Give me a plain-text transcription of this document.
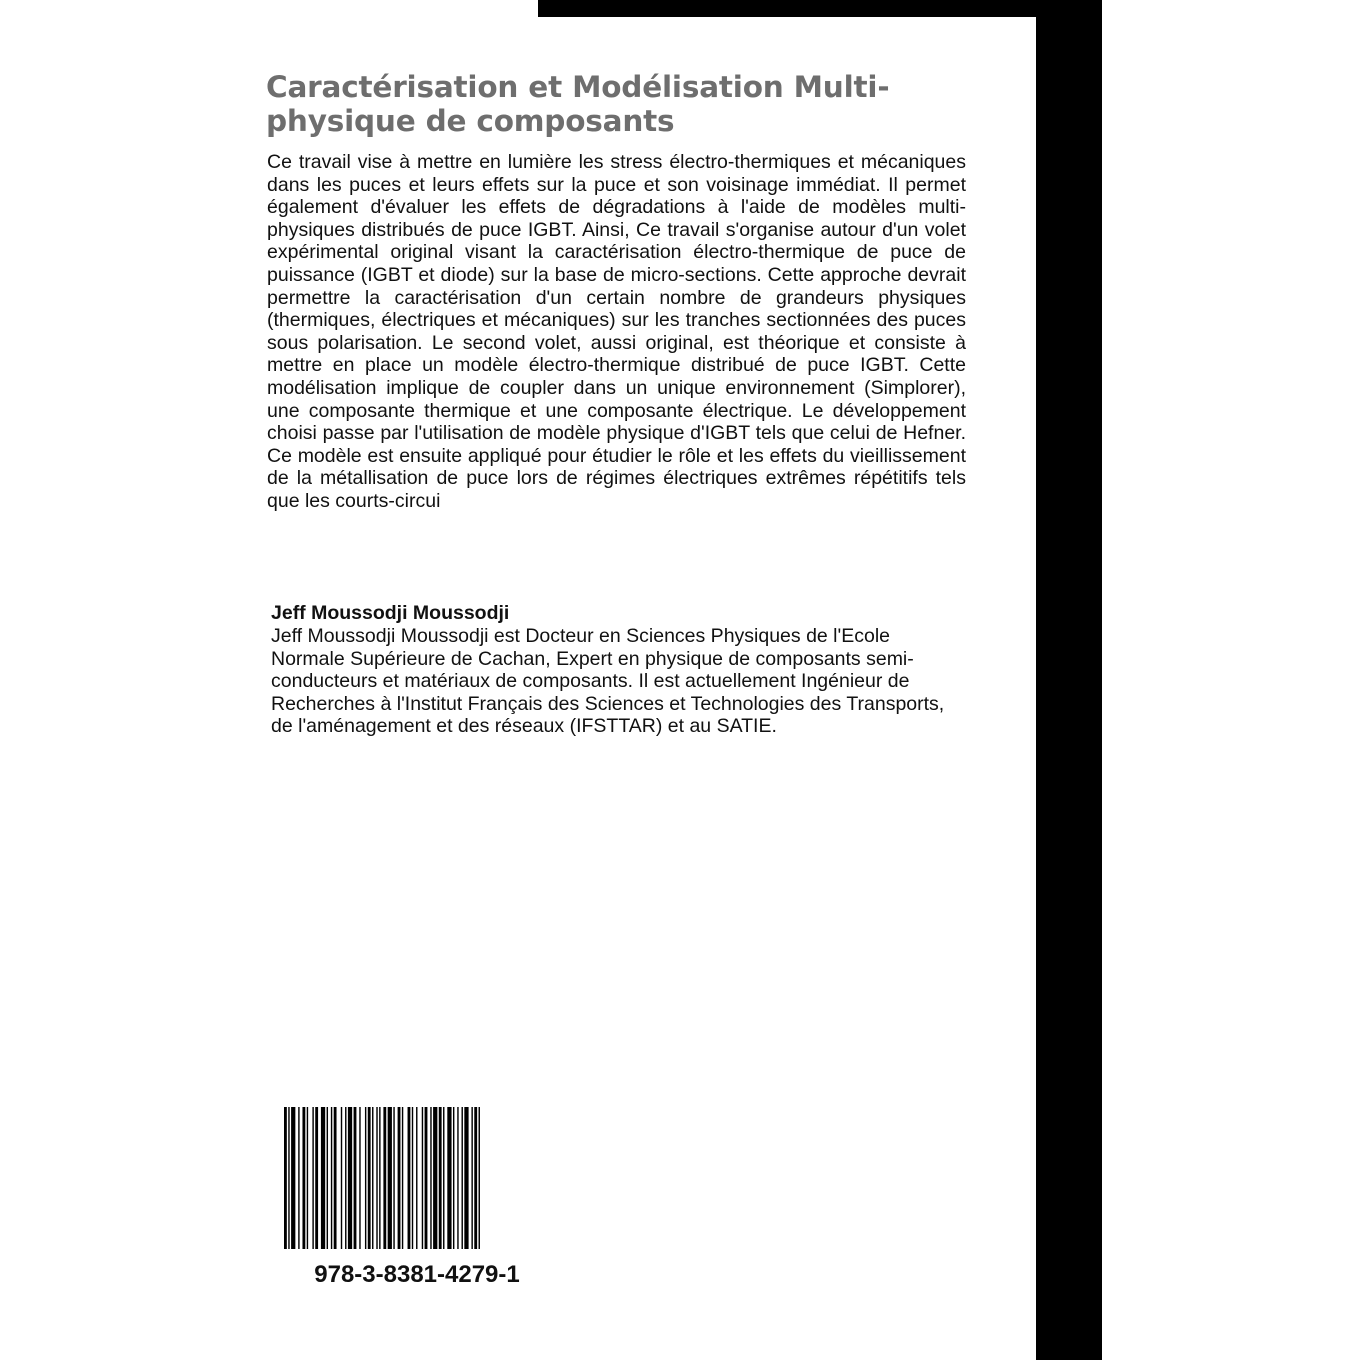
Caractérisation et Modélisation Multi-physique de composants

Ce travail vise à mettre en lumière les stress électro-thermiques et mécaniques dans les puces et leurs effets sur la puce et son voisinage immédiat. Il permet également d'évaluer les effets de dégradations à l'aide de modèles multi-physiques distribués de puce IGBT. Ainsi, Ce travail s'organise autour d'un volet expérimental original visant la caractérisation électro-thermique de puce de puissance (IGBT et diode) sur la base de micro-sections. Cette approche devrait permettre la caractérisation d'un certain nombre de grandeurs physiques (thermiques, électriques et mécaniques) sur les tranches sectionnées des puces sous polarisation. Le second volet, aussi original, est théorique et consiste à mettre en place un modèle électro-thermique distribué de puce IGBT. Cette modélisation implique de coupler dans un unique environnement (Simplorer), une composante thermique et une composante électrique. Le développement choisi passe par l'utilisation de modèle physique d'IGBT tels que celui de Hefner. Ce modèle est ensuite appliqué pour étudier le rôle et les effets du vieillissement de la métallisation de puce lors de régimes électriques extrêmes répétitifs tels que les courts-circui

Jeff Moussodji Moussodji

Jeff Moussodji Moussodji est Docteur en Sciences Physiques de l'Ecole Normale Supérieure de Cachan, Expert en physique de composants semi-conducteurs et matériaux de composants. Il est actuellement Ingénieur de Recherches à l'Institut Français des Sciences et Technologies des Transports, de l'aménagement et des réseaux (IFSTTAR) et au SATIE.

978-3-8381-4279-1
